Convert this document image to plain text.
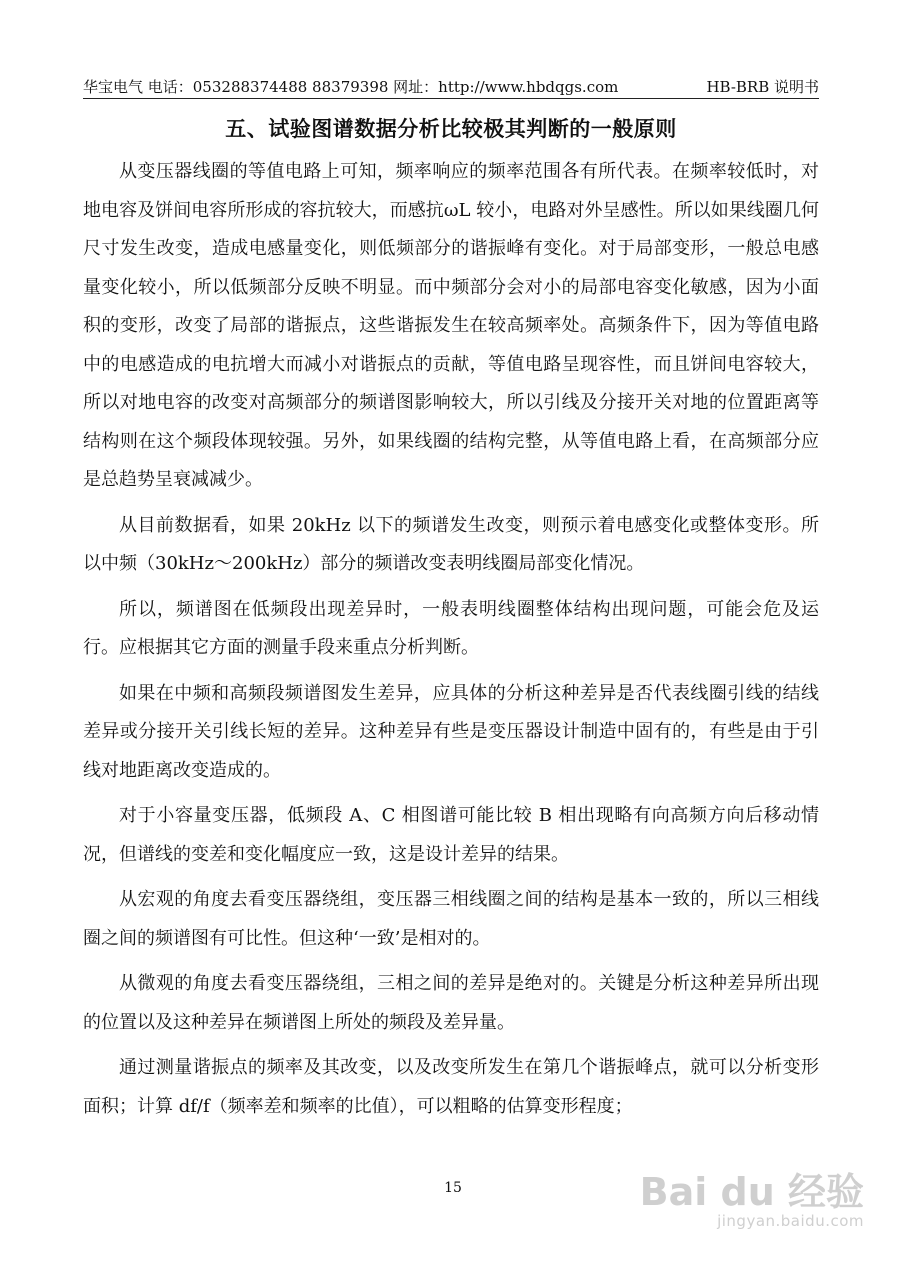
华宝电气 电话：053288374488 88379398 网址：http://www.hbdqgs.com	HB-BRB 说明书
五、试验图谱数据分析比较极其判断的一般原则

从变压器线圈的等值电路上可知，频率响应的频率范围各有所代表。在频率较低时，对地电容及饼间电容所形成的容抗较大，而感抗ωL 较小，电路对外呈感性。所以如果线圈几何尺寸发生改变，造成电感量变化，则低频部分的谐振峰有变化。对于局部变形，一般总电感量变化较小，所以低频部分反映不明显。而中频部分会对小的局部电容变化敏感，因为小面积的变形，改变了局部的谐振点，这些谐振发生在较高频率处。高频条件下，因为等值电路中的电感造成的电抗增大而减小对谐振点的贡献，等值电路呈现容性，而且饼间电容较大，所以对地电容的改变对高频部分的频谱图影响较大，所以引线及分接开关对地的位置距离等结构则在这个频段体现较强。另外，如果线圈的结构完整，从等值电路上看，在高频部分应是总趋势呈衰减减少。

从目前数据看，如果 20kHz 以下的频谱发生改变，则预示着电感变化或整体变形。所以中频（30kHz～200kHz）部分的频谱改变表明线圈局部变化情况。

所以，频谱图在低频段出现差异时，一般表明线圈整体结构出现问题，可能会危及运行。应根据其它方面的测量手段来重点分析判断。

如果在中频和高频段频谱图发生差异，应具体的分析这种差异是否代表线圈引线的结线差异或分接开关引线长短的差异。这种差异有些是变压器设计制造中固有的，有些是由于引线对地距离改变造成的。

对于小容量变压器，低频段 A、C 相图谱可能比较 B 相出现略有向高频方向后移动情况，但谱线的变差和变化幅度应一致，这是设计差异的结果。

从宏观的角度去看变压器绕组，变压器三相线圈之间的结构是基本一致的，所以三相线圈之间的频谱图有可比性。但这种‘一致’是相对的。

从微观的角度去看变压器绕组，三相之间的差异是绝对的。关键是分析这种差异所出现的位置以及这种差异在频谱图上所处的频段及差异量。

通过测量谐振点的频率及其改变，以及改变所发生在第几个谐振峰点，就可以分析变形面积；计算 df/f（频率差和频率的比值），可以粗略的估算变形程度；

15	Bai du 经验
jingyan.baidu.com
